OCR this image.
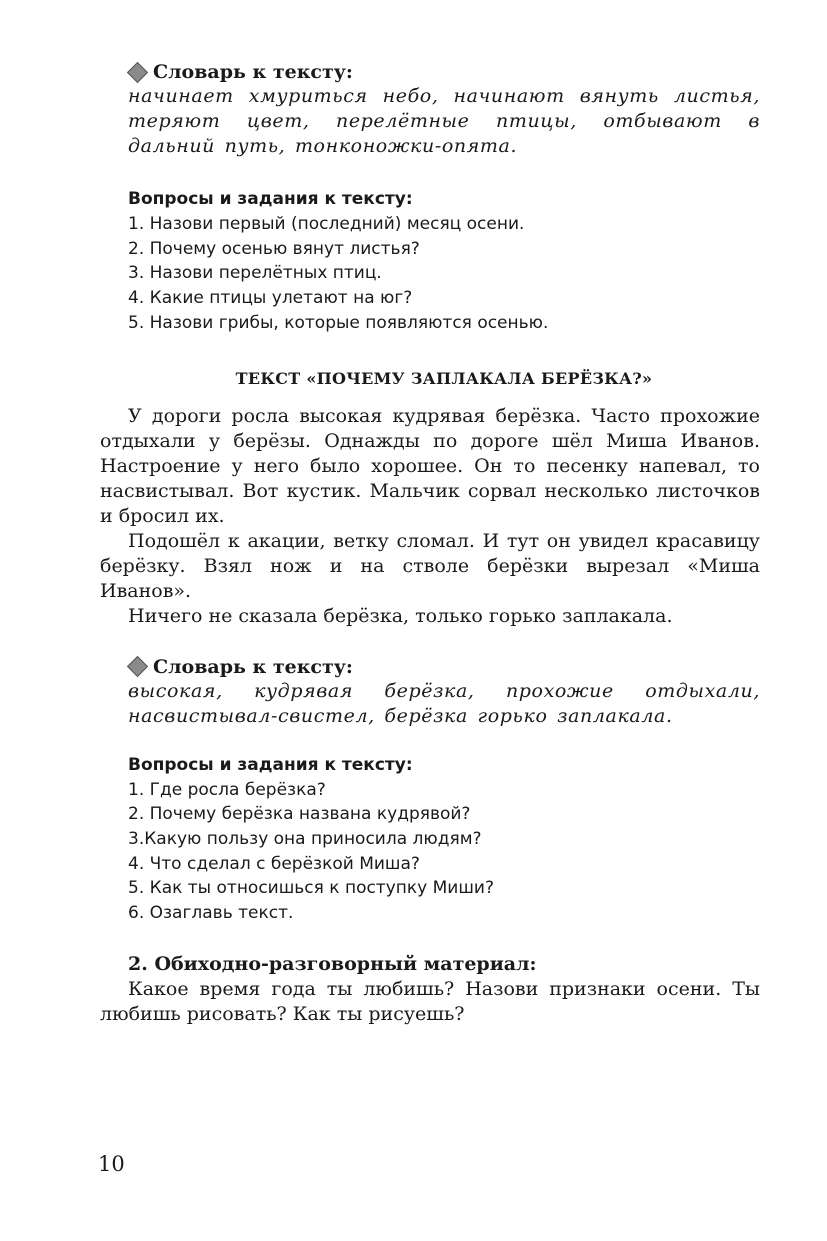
Словарь к тексту:
начинает хмуриться небо, начинают вянуть листья, теряют цвет, перелётные птицы, отбывают в дальний путь, тонконожки-опята.
Вопросы и задания к тексту:
1. Назови первый (последний) месяц осени.
2. Почему осенью вянут листья?
3. Назови перелётных птиц.
4. Какие птицы улетают на юг?
5. Назови грибы, которые появляются осенью.
ТЕКСТ «ПОЧЕМУ ЗАПЛАКАЛА БЕРЁЗКА?»
У дороги росла высокая кудрявая берёзка. Часто прохожие отдыхали у берёзы. Однажды по дороге шёл Миша Иванов. Настроение у него было хорошее. Он то песенку напевал, то насвистывал. Вот кустик. Мальчик сорвал несколько листочков и бросил их.
Подошёл к акации, ветку сломал. И тут он увидел красавицу берёзку. Взял нож и на стволе берёзки вырезал «Миша Иванов».
Ничего не сказала берёзка, только горько заплакала.
Словарь к тексту:
высокая, кудрявая берёзка, прохожие отдыхали, насвистывал-свистел, берёзка горько заплакала.
Вопросы и задания к тексту:
1. Где росла берёзка?
2. Почему берёзка названа кудрявой?
3.Какую пользу она приносила людям?
4. Что сделал с берёзкой Миша?
5. Как ты относишься к поступку Миши?
6. Озаглавь текст.
2. Обиходно-разговорный материал:
Какое время года ты любишь? Назови признаки осени. Ты любишь рисовать? Как ты рисуешь?
10
